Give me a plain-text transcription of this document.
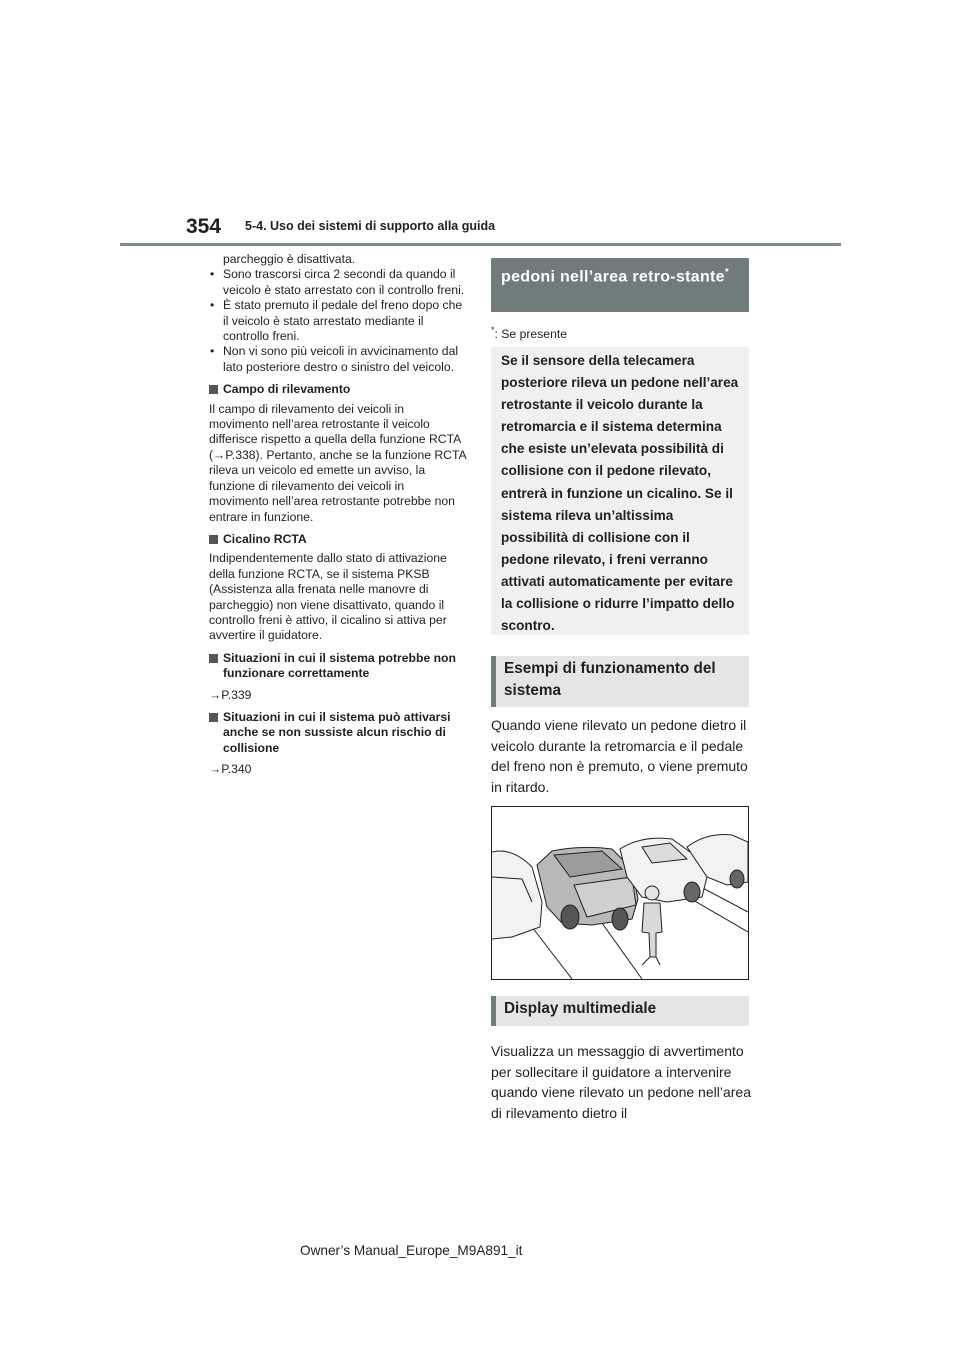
354 5-4. Uso dei sistemi di supporto alla guida

parcheggio è disattivata.

• Sono trascorsi circa 2 secondi da quando il veicolo è stato arrestato con il controllo freni.

• È stato premuto il pedale del freno dopo che il veicolo è stato arrestato mediante il controllo freni.

• Non vi sono più veicoli in avvicinamento dal lato posteriore destro o sinistro del veicolo.

Campo di rilevamento

Il campo di rilevamento dei veicoli in movimento nell’area retrostante il veicolo differisce rispetto a quella della funzione RCTA (→P.338). Pertanto, anche se la funzione RCTA rileva un veicolo ed emette un avviso, la funzione di rilevamento dei veicoli in movimento nell’area retrostante potrebbe non entrare in funzione.

Cicalino RCTA

Indipendentemente dallo stato di attivazione della funzione RCTA, se il sistema PKSB (Assistenza alla frenata nelle manovre di parcheggio) non viene disattivato, quando il controllo freni è attivo, il cicalino si attiva per avvertire il guidatore.

Situazioni in cui il sistema potrebbe non funzionare correttamente

→P.339

Situazioni in cui il sistema può attivarsi anche se non sussiste alcun rischio di collisione

→P.340

pedoni nell’area retro-stante*
*: Se presente
Se il sensore della telecamera posteriore rileva un pedone nell’area retrostante il veicolo durante la retromarcia e il sistema determina che esiste un’elevata possibilità di collisione con il pedone rilevato, entrerà in funzione un cicalino. Se il sistema rileva un’altissima possibilità di collisione con il pedone rilevato, i freni verranno attivati automaticamente per evitare la collisione o ridurre l’impatto dello scontro.
Esempi di funzionamento del sistema
Quando viene rilevato un pedone dietro il veicolo durante la retromarcia e il pedale del freno non è premuto, o viene premuto in ritardo.
Display multimediale
Visualizza un messaggio di avvertimento per sollecitare il guidatore a intervenire quando viene rilevato un pedone nell’area di rilevamento dietro il
Owner’s Manual_Europe_M9A891_it
